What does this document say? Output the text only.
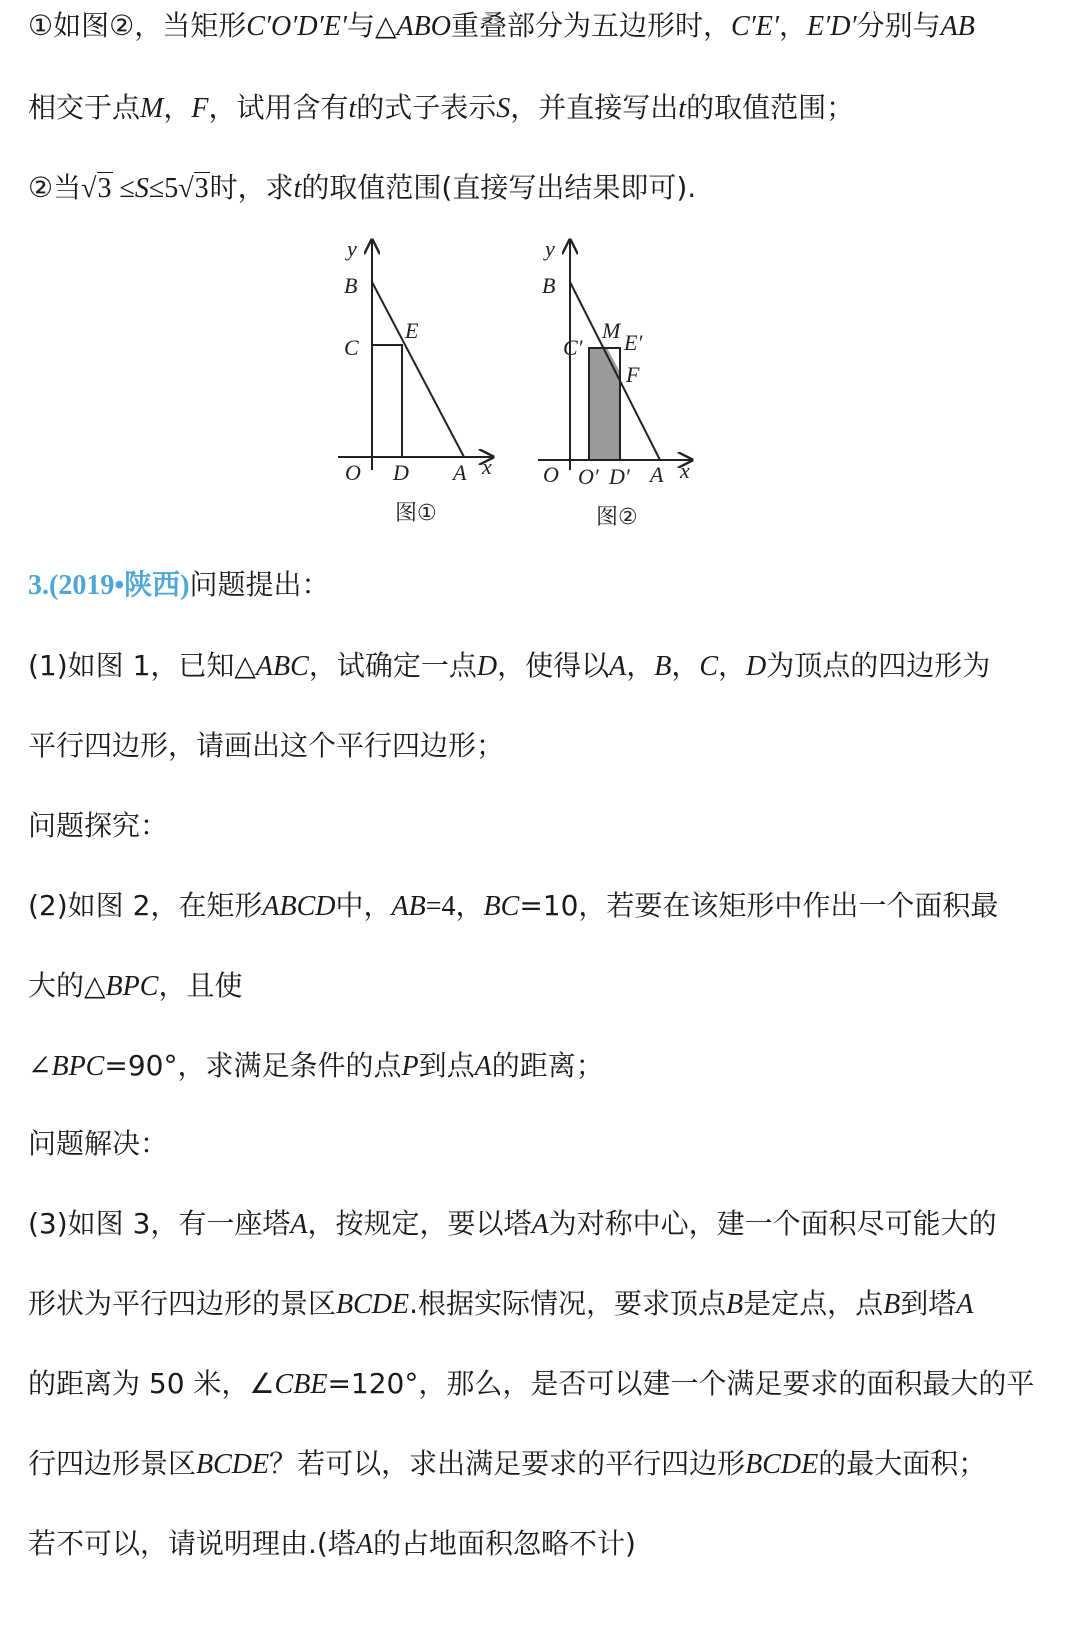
①如图②，当矩形C′O′D′E′与△ABO重叠部分为五边形时，C′E′，E′D′分别与AB
相交于点M，F，试用含有t的式子表示S，并直接写出t的取值范围；
②当√3 ≤S≤5√3时，求t的取值范围(直接写出结果即可).
y
B
C
E
O D A x
图①
y
B
C′
M E′
F
O O′ D′ A x
图②
3.(2019•陕西)问题提出：
(1)如图 1，已知△ABC，试确定一点D，使得以A，B，C，D为顶点的四边形为
平行四边形，请画出这个平行四边形；
问题探究：
(2)如图 2，在矩形ABCD中，AB=4，BC=10，若要在该矩形中作出一个面积最
大的△BPC，且使
∠BPC=90°，求满足条件的点P到点A的距离；
问题解决：
(3)如图 3，有一座塔A，按规定，要以塔A为对称中心，建一个面积尽可能大的
形状为平行四边形的景区BCDE.根据实际情况，要求顶点B是定点，点B到塔A
的距离为 50 米，∠CBE=120°，那么，是否可以建一个满足要求的面积最大的平
行四边形景区BCDE？若可以，求出满足要求的平行四边形BCDE的最大面积；
若不可以，请说明理由.(塔A的占地面积忽略不计)
